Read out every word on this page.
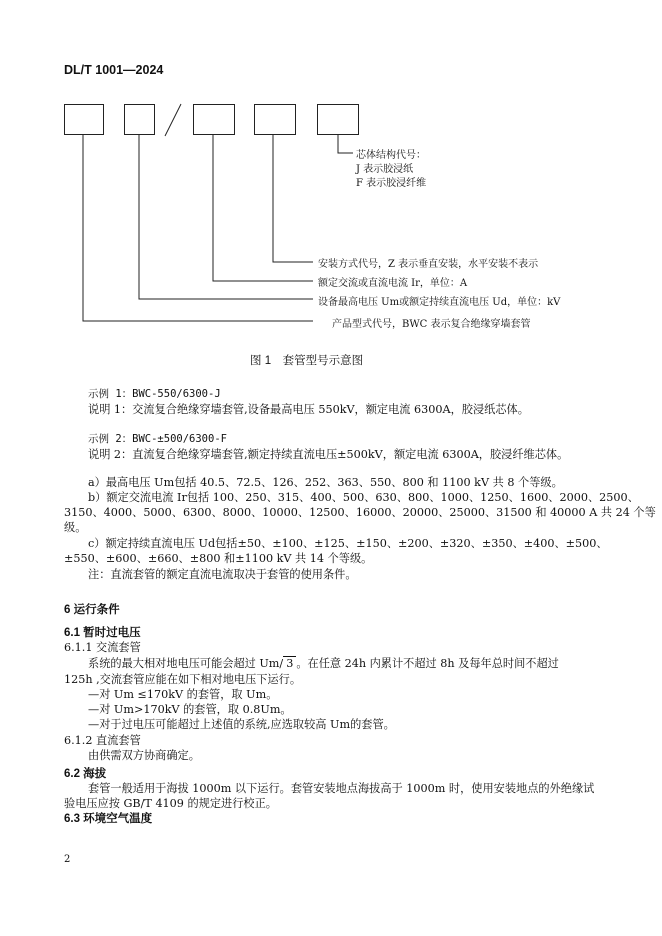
DL/T 1001—2024
芯体结构代号：
J 表示胶浸纸
F 表示胶浸纤维
安装方式代号，Z 表示垂直安装，水平安装不表示
额定交流或直流电流 Ir，单位：A
设备最高电压 Um或额定持续直流电压 Ud，单位：kV
产品型式代号，BWC 表示复合绝缘穿墙套管
图 1　套管型号示意图
示例 1：BWC-550/6300-J
说明 1：交流复合绝缘穿墙套管,设备最高电压 550kV，额定电流 6300A，胶浸纸芯体。
示例 2：BWC-±500/6300-F
说明 2：直流复合绝缘穿墙套管,额定持续直流电压±500kV，额定电流 6300A，胶浸纤维芯体。
a）最高电压 Um包括 40.5、72.5、126、252、363、550、800 和 1100 kV 共 8 个等级。
b）额定交流电流 Ir包括 100、250、315、400、500、630、800、1000、1250、1600、2000、2500、
3150、4000、5000、6300、8000、10000、12500、16000、20000、25000、31500 和 40000 A 共 24 个等
级。
c）额定持续直流电压 Ud包括±50、±100、±125、±150、±200、±320、±350、±400、±500、
±550、±600、±660、±800 和±1100 kV 共 14 个等级。
注：直流套管的额定直流电流取决于套管的使用条件。
6 运行条件
6.1 暂时过电压
6.1.1 交流套管
系统的最大相对地电压可能会超过 Um/ 3 。在任意 24h 内累计不超过 8h 及每年总时间不超过
125h ,交流套管应能在如下相对地电压下运行。
—对 Um ≤170kV 的套管，取 Um。
—对 Um>170kV 的套管，取 0.8Um。
—对于过电压可能超过上述值的系统,应选取较高 Um的套管。
6.1.2 直流套管
由供需双方协商确定。
6.2 海拔
套管一般适用于海拔 1000m 以下运行。套管安装地点海拔高于 1000m 时，使用安装地点的外绝缘试
验电压应按 GB/T 4109 的规定进行校正。
6.3 环境空气温度
2
